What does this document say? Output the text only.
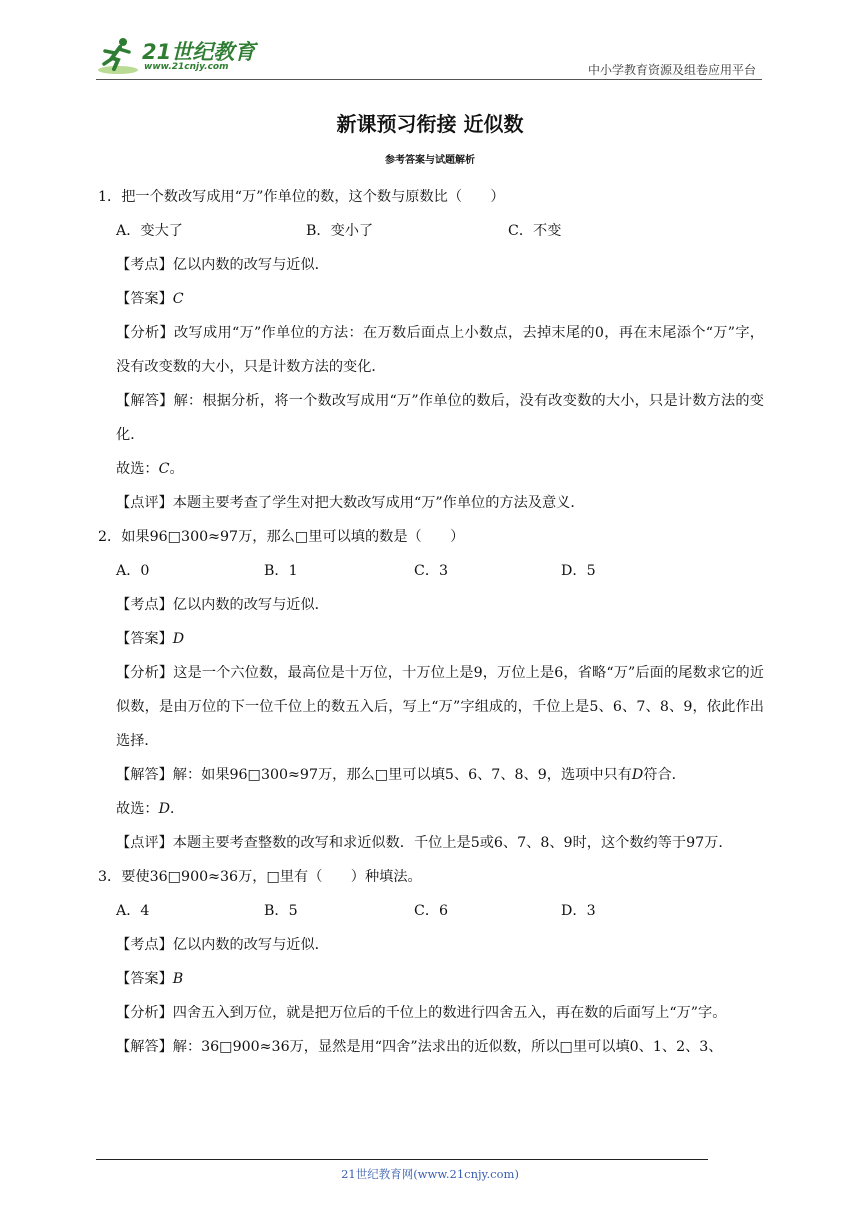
21世纪教育
www.21cnjy.com	中小学教育资源及组卷应用平台
新课预习衔接 近似数
参考答案与试题解析
1．把一个数改写成用“万”作单位的数，这个数与原数比（　　）
A．变大了	B．变小了	C．不变
【考点】亿以内数的改写与近似．
【答案】C
【分析】改写成用“万”作单位的方法：在万数后面点上小数点，去掉末尾的0，再在末尾添个“万”字，没有改变数的大小，只是计数方法的变化．
【解答】解：根据分析，将一个数改写成用“万”作单位的数后，没有改变数的大小，只是计数方法的变化．
故选：C。
【点评】本题主要考查了学生对把大数改写成用“万”作单位的方法及意义．
2．如果96□300≈97万，那么□里可以填的数是（　　）
A．0	B．1	C．3	D．5
【考点】亿以内数的改写与近似．
【答案】D
【分析】这是一个六位数，最高位是十万位，十万位上是9，万位上是6，省略“万”后面的尾数求它的近似数，是由万位的下一位千位上的数五入后，写上“万”字组成的，千位上是5、6、7、8、9，依此作出选择．
【解答】解：如果96□300≈97万，那么□里可以填5、6、7、8、9，选项中只有D符合．
故选：D．
【点评】本题主要考查整数的改写和求近似数．千位上是5或6、7、8、9时，这个数约等于97万．
3．要使36□900≈36万，□里有（　　）种填法。
A．4	B．5	C．6	D．3
【考点】亿以内数的改写与近似．
【答案】B
【分析】四舍五入到万位，就是把万位后的千位上的数进行四舍五入，再在数的后面写上“万”字。
【解答】解：36□900≈36万，显然是用“四舍”法求出的近似数，所以□里可以填0、1、2、3、
21世纪教育网(www.21cnjy.com)
